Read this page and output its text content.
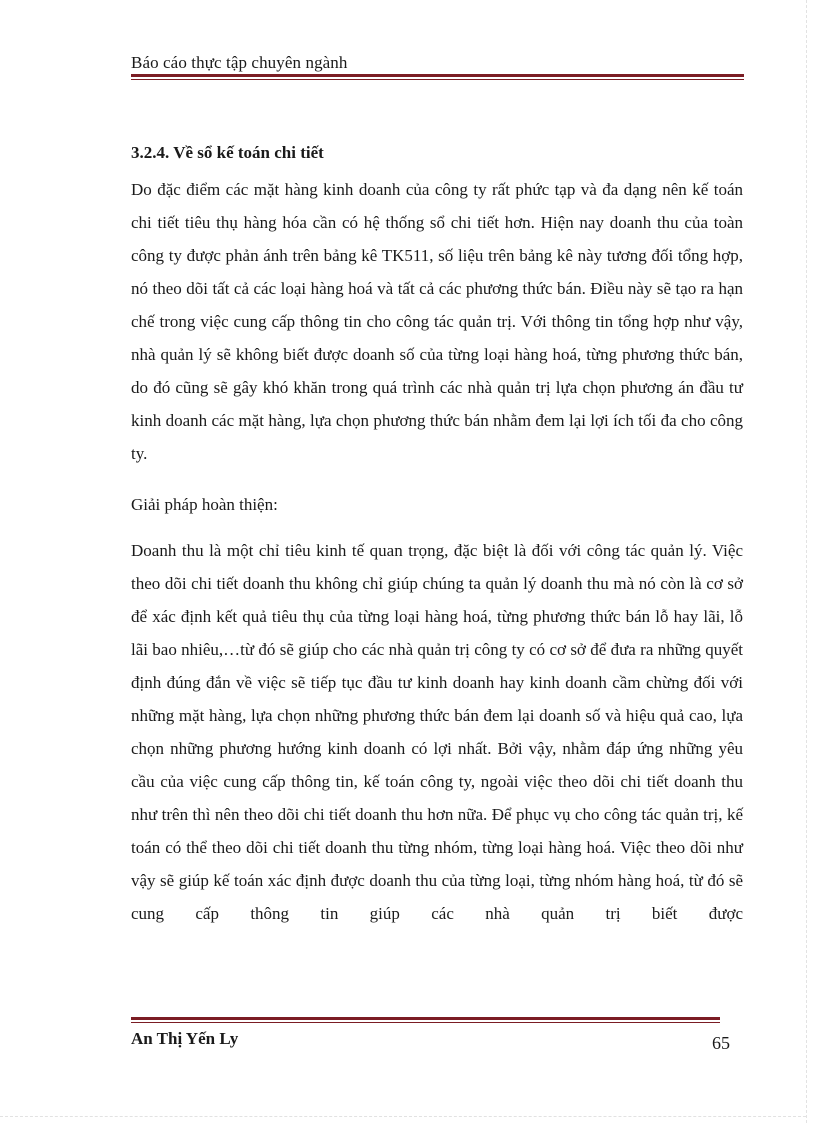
Báo cáo thực tập chuyên ngành
3.2.4. Về sổ kế toán chi tiết

Do đặc điểm các mặt hàng kinh doanh của công ty rất phức tạp và đa dạng nên kế toán chi tiết tiêu thụ hàng hóa cần có hệ thống sổ chi tiết hơn. Hiện nay doanh thu của toàn công ty được phản ánh trên bảng kê TK511, số liệu trên bảng kê này tương đối tổng hợp, nó theo dõi tất cả các loại hàng hoá và tất cả các phương thức bán. Điều này sẽ tạo ra hạn chế trong việc cung cấp thông tin cho công tác quản trị. Với thông tin tổng hợp như vậy, nhà quản lý sẽ không biết được doanh số của từng loại hàng hoá, từng phương thức bán, do đó cũng sẽ gây khó khăn trong quá trình các nhà quản trị lựa chọn phương án đầu tư kinh doanh các mặt hàng, lựa chọn phương thức bán nhằm đem lại lợi ích tối đa cho công ty.

Giải pháp hoàn thiện:

Doanh thu là một chỉ tiêu kinh tế quan trọng, đặc biệt là đối với công tác quản lý. Việc theo dõi chi tiết doanh thu không chỉ giúp chúng ta quản lý doanh thu mà nó còn là cơ sở để xác định kết quả tiêu thụ của từng loại hàng hoá, từng phương thức bán lỗ hay lãi, lỗ lãi bao nhiêu,…từ đó sẽ giúp cho các nhà quản trị công ty có cơ sở để đưa ra những quyết định đúng đắn về việc sẽ tiếp tục đầu tư kinh doanh hay kinh doanh cầm chừng đối với những mặt hàng, lựa chọn những phương thức bán đem lại doanh số và hiệu quả cao, lựa chọn những phương hướng kinh doanh có lợi nhất. Bởi vậy, nhằm đáp ứng những yêu cầu của việc cung cấp thông tin, kế toán công ty, ngoài việc theo dõi chi tiết doanh thu như trên thì nên theo dõi chi tiết doanh thu hơn nữa. Để phục vụ cho công tác quản trị, kế toán có thể theo dõi chi tiết doanh thu từng nhóm, từng loại hàng hoá. Việc theo dõi như vậy sẽ giúp kế toán xác định được doanh thu của từng loại, từng nhóm hàng hoá, từ đó sẽ cung cấp thông tin giúp các nhà quản trị biết được

An Thị Yến Ly	65
